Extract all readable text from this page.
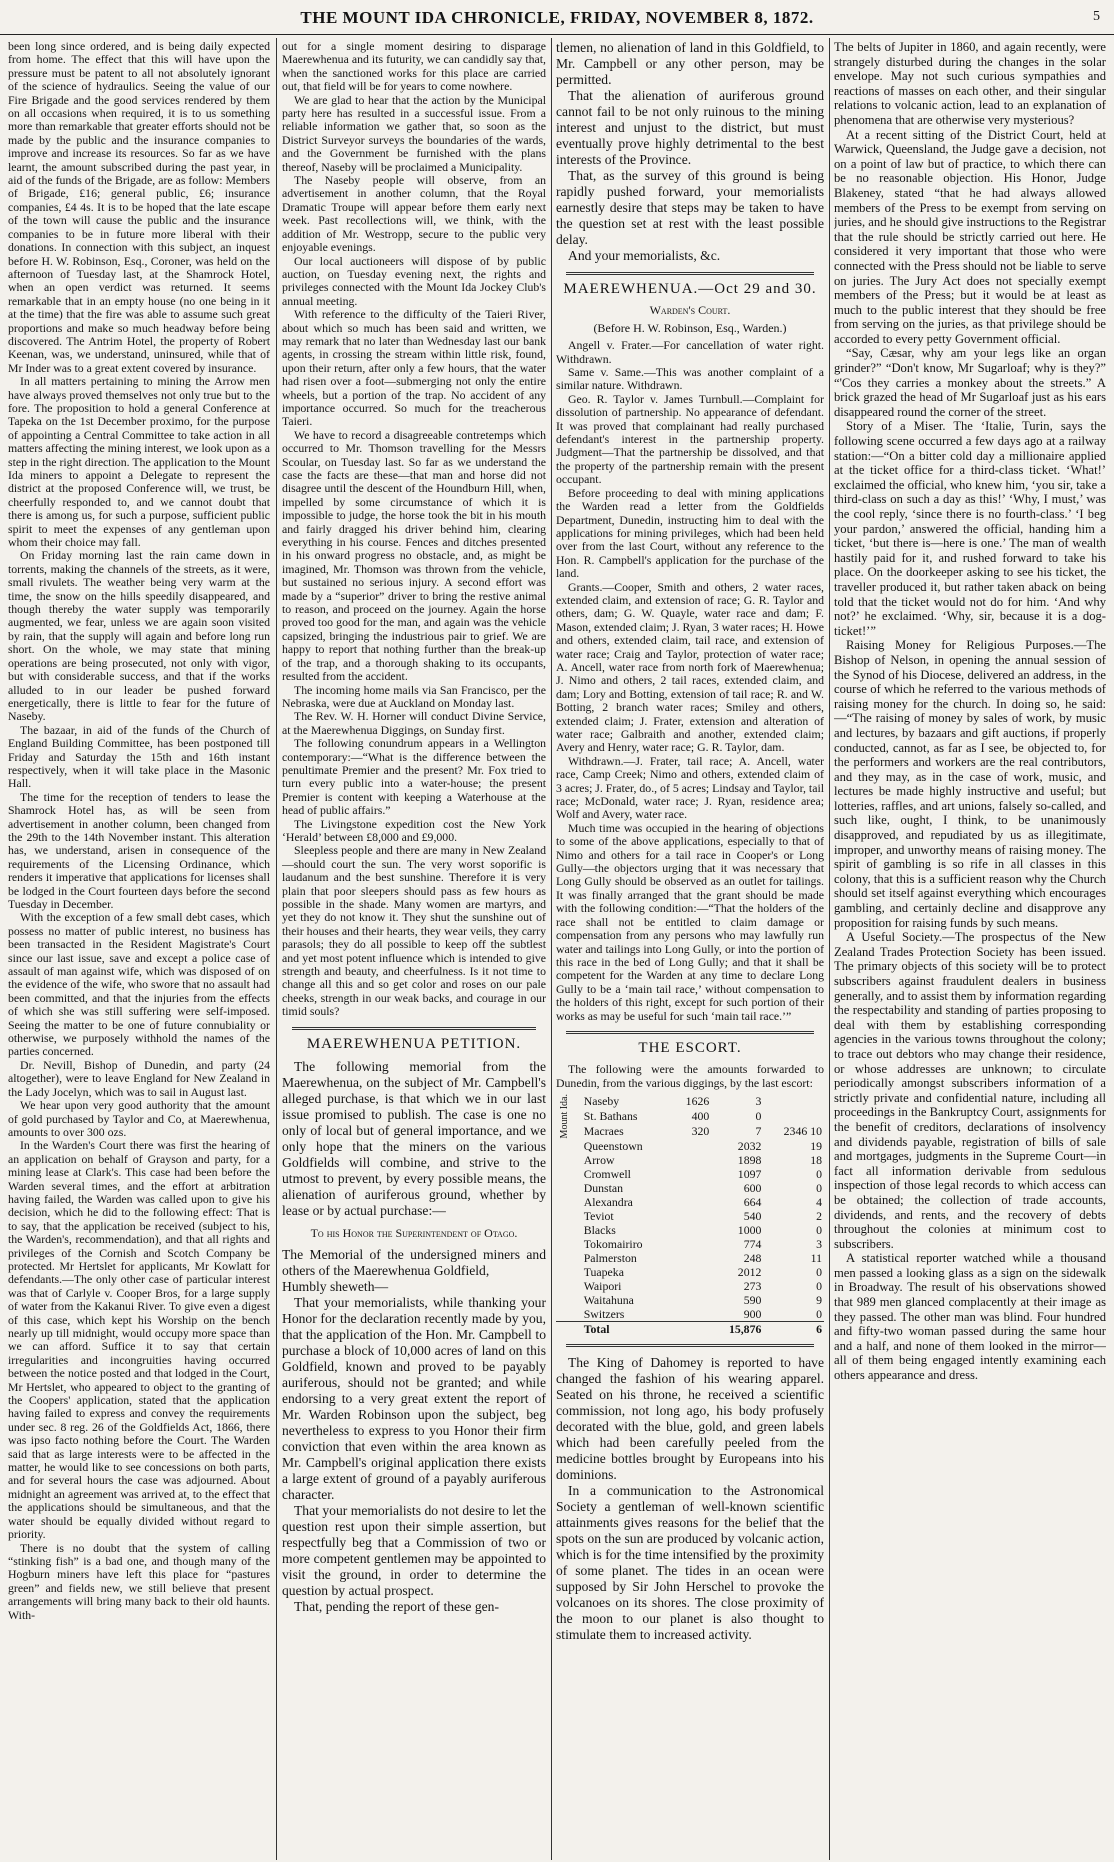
THE MOUNT IDA CHRONICLE, FRIDAY, NOVEMBER 8, 1872.	5

been long since ordered, and is being daily expected from home. The effect that this will have upon the pressure must be patent to all not absolutely ignorant of the science of hydraulics. Seeing the value of our Fire Brigade and the good services rendered by them on all occasions when required, it is to us something more than remarkable that greater efforts should not be made by the public and the insurance companies to improve and increase its resources. So far as we have learnt, the amount subscribed during the past year, in aid of the funds of the Brigade, are as follow: Members of Brigade, £16; general public, £6; insurance companies, £4 4s. It is to be hoped that the late escape of the town will cause the public and the insurance companies to be in future more liberal with their donations. In connection with this subject, an inquest before H. W. Robinson, Esq., Coroner, was held on the afternoon of Tuesday last, at the Shamrock Hotel, when an open verdict was returned. It seems remarkable that in an empty house (no one being in it at the time) that the fire was able to assume such great proportions and make so much headway before being discovered. The Antrim Hotel, the property of Robert Keenan, was, we understand, uninsured, while that of Mr Inder was to a great extent covered by insurance.

In all matters pertaining to mining the Arrow men have always proved themselves not only true but to the fore. The proposition to hold a general Conference at Tapeka on the 1st December proximo, for the purpose of appointing a Central Committee to take action in all matters affecting the mining interest, we look upon as a step in the right direction. The application to the Mount Ida miners to appoint a Delegate to represent the district at the proposed Conference will, we trust, be cheerfully responded to, and we cannot doubt that there is among us, for such a purpose, sufficient public spirit to meet the expenses of any gentleman upon whom their choice may fall.

On Friday morning last the rain came down in torrents, making the channels of the streets, as it were, small rivulets. The weather being very warm at the time, the snow on the hills speedily disappeared, and though thereby the water supply was temporarily augmented, we fear, unless we are again soon visited by rain, that the supply will again and before long run short. On the whole, we may state that mining operations are being prosecuted, not only with vigor, but with considerable success, and that if the works alluded to in our leader be pushed forward energetically, there is little to fear for the future of Naseby.

The bazaar, in aid of the funds of the Church of England Building Committee, has been postponed till Friday and Saturday the 15th and 16th instant respectively, when it will take place in the Masonic Hall.

The time for the reception of tenders to lease the Shamrock Hotel has, as will be seen from advertisement in another column, been changed from the 29th to the 14th November instant. This alteration has, we understand, arisen in consequence of the requirements of the Licensing Ordinance, which renders it imperative that applications for licenses shall be lodged in the Court fourteen days before the second Tuesday in December.

With the exception of a few small debt cases, which possess no matter of public interest, no business has been transacted in the Resident Magistrate's Court since our last issue, save and except a police case of assault of man against wife, which was disposed of on the evidence of the wife, who swore that no assault had been committed, and that the injuries from the effects of which she was still suffering were self-imposed. Seeing the matter to be one of future connubiality or otherwise, we purposely withhold the names of the parties concerned.

Dr. Nevill, Bishop of Dunedin, and party (24 altogether), were to leave England for New Zealand in the Lady Jocelyn, which was to sail in August last.

We hear upon very good authority that the amount of gold purchased by Taylor and Co, at Maerewhenua, amounts to over 300 ozs.

In the Warden's Court there was first the hearing of an application on behalf of Grayson and party, for a mining lease at Clark's. This case had been before the Warden several times, and the effort at arbitration having failed, the Warden was called upon to give his decision, which he did to the following effect: That is to say, that the application be received (subject to his, the Warden's, recommendation), and that all rights and privileges of the Cornish and Scotch Company be protected. Mr Hertslet for applicants, Mr Kowlatt for defendants.—The only other case of particular interest was that of Carlyle v. Cooper Bros, for a large supply of water from the Kakanui River. To give even a digest of this case, which kept his Worship on the bench nearly up till midnight, would occupy more space than we can afford. Suffice it to say that certain irregularities and incongruities having occurred between the notice posted and that lodged in the Court, Mr Hertslet, who appeared to object to the granting of the Coopers' application, stated that the application having failed to express and convey the requirements under sec. 8 reg. 26 of the Goldfields Act, 1866, there was ipso facto nothing before the Court. The Warden said that as large interests were to be affected in the matter, he would like to see concessions on both parts, and for several hours the case was adjourned. About midnight an agreement was arrived at, to the effect that the applications should be simultaneous, and that the water should be equally divided without regard to priority.

There is no doubt that the system of calling “stinking fish” is a bad one, and though many of the Hogburn miners have left this place for “pastures green” and fields new, we still believe that present arrangements will bring many back to their old haunts. With-

out for a single moment desiring to disparage Maerewhenua and its futurity, we can candidly say that, when the sanctioned works for this place are carried out, that field will be for years to come nowhere.

We are glad to hear that the action by the Municipal party here has resulted in a successful issue. From a reliable information we gather that, so soon as the District Surveyor surveys the boundaries of the wards, and the Government be furnished with the plans thereof, Naseby will be proclaimed a Municipality.

The Naseby people will observe, from an advertisement in another column, that the Royal Dramatic Troupe will appear before them early next week. Past recollections will, we think, with the addition of Mr. Westropp, secure to the public very enjoyable evenings.

Our local auctioneers will dispose of by public auction, on Tuesday evening next, the rights and privileges connected with the Mount Ida Jockey Club's annual meeting.

With reference to the difficulty of the Taieri River, about which so much has been said and written, we may remark that no later than Wednesday last our bank agents, in crossing the stream within little risk, found, upon their return, after only a few hours, that the water had risen over a foot—submerging not only the entire wheels, but a portion of the trap. No accident of any importance occurred. So much for the treacherous Taieri.

We have to record a disagreeable contretemps which occurred to Mr. Thomson travelling for the Messrs Scoular, on Tuesday last. So far as we understand the case the facts are these—that man and horse did not disagree until the descent of the Houndburn Hill, when, impelled by some circumstance of which it is impossible to judge, the horse took the bit in his mouth and fairly dragged his driver behind him, clearing everything in his course. Fences and ditches presented in his onward progress no obstacle, and, as might be imagined, Mr. Thomson was thrown from the vehicle, but sustained no serious injury. A second effort was made by a “superior” driver to bring the restive animal to reason, and proceed on the journey. Again the horse proved too good for the man, and again was the vehicle capsized, bringing the industrious pair to grief. We are happy to report that nothing further than the break-up of the trap, and a thorough shaking to its occupants, resulted from the accident.

The incoming home mails via San Francisco, per the Nebraska, were due at Auckland on Monday last.

The Rev. W. H. Horner will conduct Divine Service, at the Maerewhenua Diggings, on Sunday first.

The following conundrum appears in a Wellington contemporary:—“What is the difference between the penultimate Premier and the present? Mr. Fox tried to turn every public into a water-house; the present Premier is content with keeping a Waterhouse at the head of public affairs.”

The Livingstone expedition cost the New York ‘Herald’ between £8,000 and £9,000.

Sleepless people and there are many in New Zealand—should court the sun. The very worst soporific is laudanum and the best sunshine. Therefore it is very plain that poor sleepers should pass as few hours as possible in the shade. Many women are martyrs, and yet they do not know it. They shut the sunshine out of their houses and their hearts, they wear veils, they carry parasols; they do all possible to keep off the subtlest and yet most potent influence which is intended to give strength and beauty, and cheerfulness. Is it not time to change all this and so get color and roses on our pale cheeks, strength in our weak backs, and courage in our timid souls?

MAEREWHENUA PETITION.

The following memorial from the Maerewhenua, on the subject of Mr. Campbell's alleged purchase, is that which we in our last issue promised to publish. The case is one no only of local but of general importance, and we only hope that the miners on the various Goldfields will combine, and strive to the utmost to prevent, by every possible means, the alienation of auriferous ground, whether by lease or by actual purchase:—

To his Honor the Superintendent of Otago.

The Memorial of the undersigned miners and others of the Maerewhenua Goldfield,

Humbly sheweth—

That your memorialists, while thanking your Honor for the declaration recently made by you, that the application of the Hon. Mr. Campbell to purchase a block of 10,000 acres of land on this Goldfield, known and proved to be payably auriferous, should not be granted; and while endorsing to a very great extent the report of Mr. Warden Robinson upon the subject, beg nevertheless to express to you Honor their firm conviction that even within the area known as Mr. Campbell's original application there exists a large extent of ground of a payably auriferous character.

That your memorialists do not desire to let the question rest upon their simple assertion, but respectfully beg that a Commission of two or more competent gentlemen may be appointed to visit the ground, in order to determine the question by actual prospect.

That, pending the report of these gen-

tlemen, no alienation of land in this Goldfield, to Mr. Campbell or any other person, may be permitted.

That the alienation of auriferous ground cannot fail to be not only ruinous to the mining interest and unjust to the district, but must eventually prove highly detrimental to the best interests of the Province.

That, as the survey of this ground is being rapidly pushed forward, your memorialists earnestly desire that steps may be taken to have the question set at rest with the least possible delay.

And your memorialists, &c.

MAEREWHENUA.—Oct 29 and 30.
Warden's Court.
(Before H. W. Robinson, Esq., Warden.)

Angell v. Frater.—For cancellation of water right. Withdrawn.

Same v. Same.—This was another complaint of a similar nature. Withdrawn.

Geo. R. Taylor v. James Turnbull.—Complaint for dissolution of partnership. No appearance of defendant. It was proved that complainant had really purchased defendant's interest in the partnership property. Judgment—That the partnership be dissolved, and that the property of the partnership remain with the present occupant.

Before proceeding to deal with mining applications the Warden read a letter from the Goldfields Department, Dunedin, instructing him to deal with the applications for mining privileges, which had been held over from the last Court, without any reference to the Hon. R. Campbell's application for the purchase of the land.

Grants.—Cooper, Smith and others, 2 water races, extended claim, and extension of race; G. R. Taylor and others, dam; G. W. Quayle, water race and dam; F. Mason, extended claim; J. Ryan, 3 water races; H. Howe and others, extended claim, tail race, and extension of water race; Craig and Taylor, protection of water race; A. Ancell, water race from north fork of Maerewhenua; J. Nimo and others, 2 tail races, extended claim, and dam; Lory and Botting, extension of tail race; R. and W. Botting, 2 branch water races; Smiley and others, extended claim; J. Frater, extension and alteration of water race; Galbraith and another, extended claim; Avery and Henry, water race; G. R. Taylor, dam.

Withdrawn.—J. Frater, tail race; A. Ancell, water race, Camp Creek; Nimo and others, extended claim of 3 acres; J. Frater, do., of 5 acres; Lindsay and Taylor, tail race; McDonald, water race; J. Ryan, residence area; Wolf and Avery, water race.

Much time was occupied in the hearing of objections to some of the above applications, especially to that of Nimo and others for a tail race in Cooper's or Long Gully—the objectors urging that it was necessary that Long Gully should be observed as an outlet for tailings. It was finally arranged that the grant should be made with the following condition:—“That the holders of the race shall not be entitled to claim damage or compensation from any persons who may lawfully run water and tailings into Long Gully, or into the portion of this race in the bed of Long Gully; and that it shall be competent for the Warden at any time to declare Long Gully to be a ‘main tail race,’ without compensation to the holders of this right, except for such portion of their works as may be useful for such ‘main tail race.’”

THE ESCORT.

The following were the amounts forwarded to Dunedin, from the various diggings, by the last escort:

Mount Ida.	Naseby	1626	3	
	St. Bathans	400	0	
	Macraes	320	7	2346 10
	Queenstown		2032	19
	Arrow		1898	18
	Cromwell		1097	0
	Dunstan		600	0
	Alexandra		664	4
	Teviot		540	2
	Blacks		1000	0
	Tokomairiro		774	3
	Palmerston		248	11
	Tuapeka		2012	0
	Waipori		273	0
	Waitahuna		590	9
	Switzers		900	0
	Total		15,876	6

The King of Dahomey is reported to have changed the fashion of his wearing apparel. Seated on his throne, he received a scientific commission, not long ago, his body profusely decorated with the blue, gold, and green labels which had been carefully peeled from the medicine bottles brought by Europeans into his dominions.

In a communication to the Astronomical Society a gentleman of well-known scientific attainments gives reasons for the belief that the spots on the sun are produced by volcanic action, which is for the time intensified by the proximity of some planet. The tides in an ocean were supposed by Sir John Herschel to provoke the volcanoes on its shores. The close proximity of the moon to our planet is also thought to stimulate them to increased activity.

The belts of Jupiter in 1860, and again recently, were strangely disturbed during the changes in the solar envelope. May not such curious sympathies and reactions of masses on each other, and their singular relations to volcanic action, lead to an explanation of phenomena that are otherwise very mysterious?

At a recent sitting of the District Court, held at Warwick, Queensland, the Judge gave a decision, not on a point of law but of practice, to which there can be no reasonable objection. His Honor, Judge Blakeney, stated “that he had always allowed members of the Press to be exempt from serving on juries, and he should give instructions to the Registrar that the rule should be strictly carried out here. He considered it very important that those who were connected with the Press should not be liable to serve on juries. The Jury Act does not specially exempt members of the Press; but it would be at least as much to the public interest that they should be free from serving on the juries, as that privilege should be accorded to every petty Government official.

“Say, Cæsar, why am your legs like an organ grinder?” “Don't know, Mr Sugarloaf; why is they?” “'Cos they carries a monkey about the streets.” A brick grazed the head of Mr Sugarloaf just as his ears disappeared round the corner of the street.

Story of a Miser. The ‘Italie, Turin, says the following scene occurred a few days ago at a railway station:—“On a bitter cold day a millionaire applied at the ticket office for a third-class ticket. ‘What!’ exclaimed the official, who knew him, ‘you sir, take a third-class on such a day as this!’ ‘Why, I must,’ was the cool reply, ‘since there is no fourth-class.’ ‘I beg your pardon,’ answered the official, handing him a ticket, ‘but there is—here is one.’ The man of wealth hastily paid for it, and rushed forward to take his place. On the doorkeeper asking to see his ticket, the traveller produced it, but rather taken aback on being told that the ticket would not do for him. ‘And why not?’ he exclaimed. ‘Why, sir, because it is a dog-ticket!’”

Raising Money for Religious Purposes.—The Bishop of Nelson, in opening the annual session of the Synod of his Diocese, delivered an address, in the course of which he referred to the various methods of raising money for the church. In doing so, he said:—“The raising of money by sales of work, by music and lectures, by bazaars and gift auctions, if properly conducted, cannot, as far as I see, be objected to, for the performers and workers are the real contributors, and they may, as in the case of work, music, and lectures be made highly instructive and useful; but lotteries, raffles, and art unions, falsely so-called, and such like, ought, I think, to be unanimously disapproved, and repudiated by us as illegitimate, improper, and unworthy means of raising money. The spirit of gambling is so rife in all classes in this colony, that this is a sufficient reason why the Church should set itself against everything which encourages gambling, and certainly decline and disapprove any proposition for raising funds by such means.

A Useful Society.—The prospectus of the New Zealand Trades Protection Society has been issued. The primary objects of this society will be to protect subscribers against fraudulent dealers in business generally, and to assist them by information regarding the respectability and standing of parties proposing to deal with them by establishing corresponding agencies in the various towns throughout the colony; to trace out debtors who may change their residence, or whose addresses are unknown; to circulate periodically amongst subscribers information of a strictly private and confidential nature, including all proceedings in the Bankruptcy Court, assignments for the benefit of creditors, declarations of insolvency and dividends payable, registration of bills of sale and mortgages, judgments in the Supreme Court—in fact all information derivable from sedulous inspection of those legal records to which access can be obtained; the collection of trade accounts, dividends, and rents, and the recovery of debts throughout the colonies at minimum cost to subscribers.

A statistical reporter watched while a thousand men passed a looking glass as a sign on the sidewalk in Broadway. The result of his observations showed that 989 men glanced complacently at their image as they passed. The other man was blind. Four hundred and fifty-two woman passed during the same hour and a half, and none of them looked in the mirror—all of them being engaged intently examining each others appearance and dress.
